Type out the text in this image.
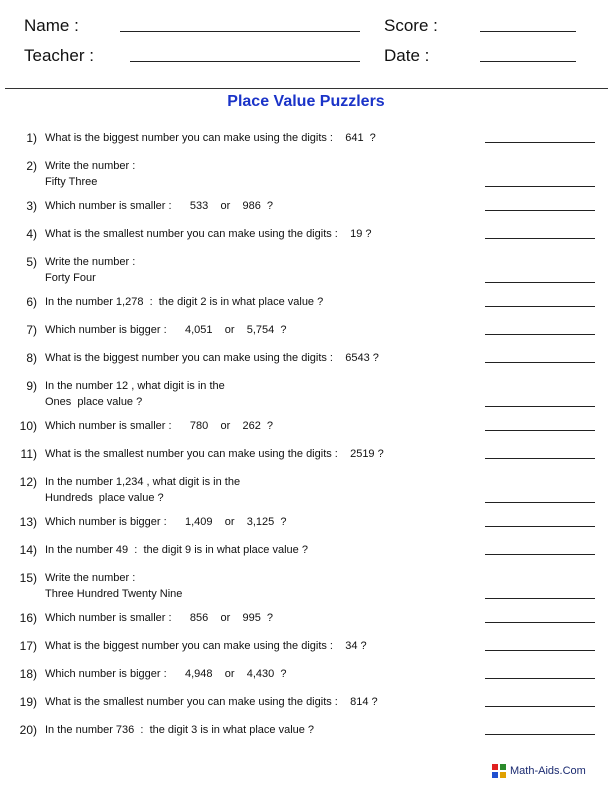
Name :	Score :
Teacher :	Date :
Place Value Puzzlers
1) What is the biggest number you can make using the digits :    641  ?
2) Write the number :
Fifty Three
3) Which number is smaller :      533    or    986  ?
4) What is the smallest number you can make using the digits :    19 ?
5) Write the number :
Forty Four
6) In the number 1,278  :  the digit 2 is in what place value ?
7) Which number is bigger :      4,051    or    5,754  ?
8) What is the biggest number you can make using the digits :    6543 ?
9) In the number 12 , what digit is in the
Ones  place value ?
10) Which number is smaller :      780    or    262  ?
11) What is the smallest number you can make using the digits :    2519 ?
12) In the number 1,234 , what digit is in the
Hundreds  place value ?
13) Which number is bigger :      1,409    or    3,125  ?
14) In the number 49  :  the digit 9 is in what place value ?
15) Write the number :
Three Hundred Twenty Nine
16) Which number is smaller :      856    or    995  ?
17) What is the biggest number you can make using the digits :    34 ?
18) Which number is bigger :      4,948    or    4,430  ?
19) What is the smallest number you can make using the digits :    814 ?
20) In the number 736  :  the digit 3 is in what place value ?
Math-Aids.Com
